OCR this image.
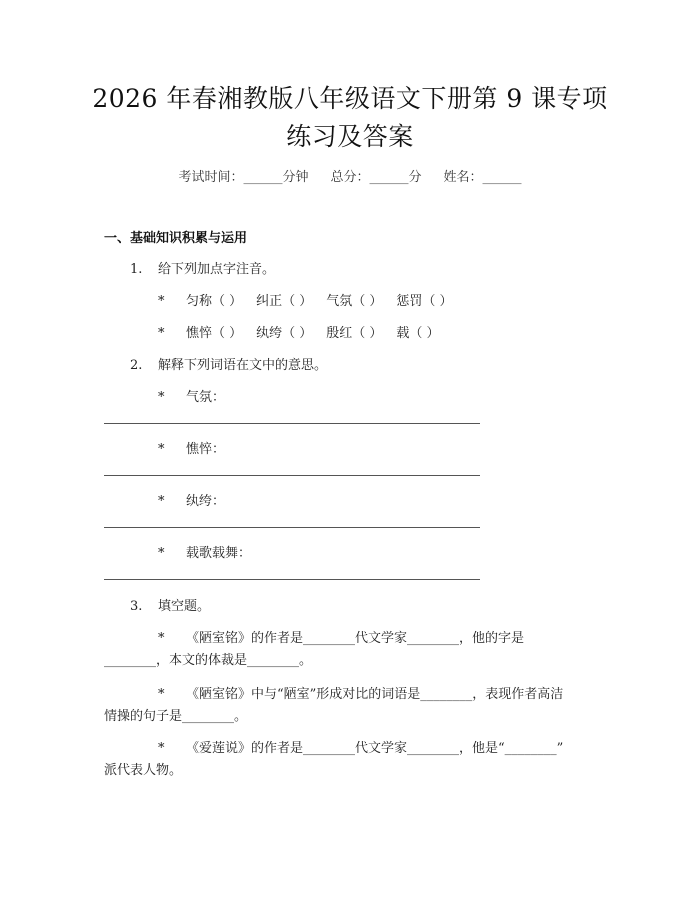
2026 年春湘教版八年级语文下册第 9 课专项
练习及答案
考试时间：______分钟 总分：______分 姓名：______
一、基础知识积累与运用
1. 给下列加点字注音。
* 匀称（ ） 纠正（ ） 气氛（ ） 惩罚（ ）
* 憔悴（ ） 纨绔（ ） 殷红（ ） 载（ ）
2. 解释下列词语在文中的意思。
* 气氛：
* 憔悴：
* 纨绔：
* 载歌载舞：
3. 填空题。
* 《陋室铭》的作者是________代文学家________，他的字是
________，本文的体裁是________。
* 《陋室铭》中与“陋室”形成对比的词语是________，表现作者高洁
情操的句子是________。
* 《爱莲说》的作者是________代文学家________，他是“________”
派代表人物。
